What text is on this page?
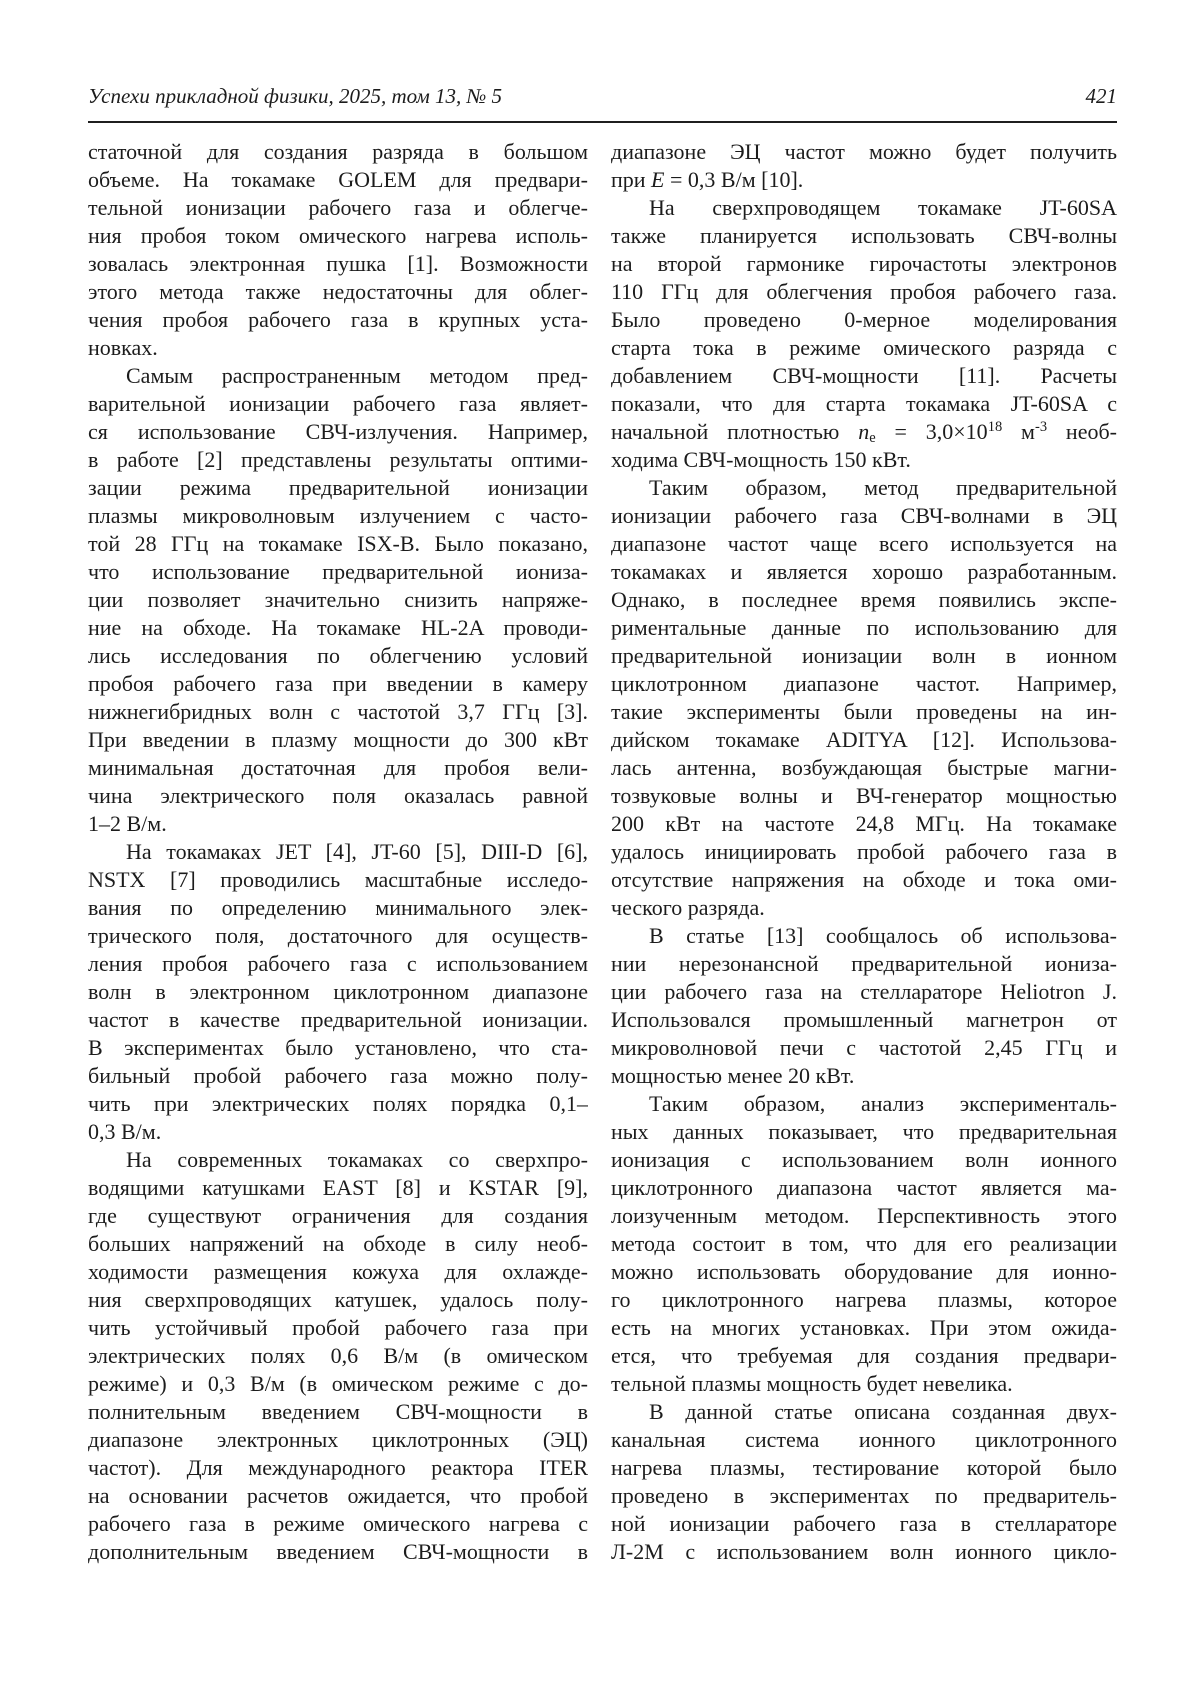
Успехи прикладной физики, 2025, том 13, № 5	421
статочной для создания разряда в большом
объеме. На токамаке GOLEM для предвари-
тельной ионизации рабочего газа и облегче-
ния пробоя током омического нагрева исполь-
зовалась электронная пушка [1]. Возможности
этого метода также недостаточны для облег-
чения пробоя рабочего газа в крупных уста-
новках.
Самым распространенным методом пред-
варительной ионизации рабочего газа являет-
ся использование СВЧ-излучения. Например,
в работе [2] представлены результаты оптими-
зации режима предварительной ионизации
плазмы микроволновым излучением с часто-
той 28 ГГц на токамаке ISX-B. Было показано,
что использование предварительной иониза-
ции позволяет значительно снизить напряже-
ние на обходе. На токамаке HL-2A проводи-
лись исследования по облегчению условий
пробоя рабочего газа при введении в камеру
нижнегибридных волн с частотой 3,7 ГГц [3].
При введении в плазму мощности до 300 кВт
минимальная достаточная для пробоя вели-
чина электрического поля оказалась равной
1–2 В/м.
На токамаках JET [4], JT-60 [5], DIII-D [6],
NSTX [7] проводились масштабные исследо-
вания по определению минимального элек-
трического поля, достаточного для осуществ-
ления пробоя рабочего газа с использованием
волн в электронном циклотронном диапазоне
частот в качестве предварительной ионизации.
В экспериментах было установлено, что ста-
бильный пробой рабочего газа можно полу-
чить при электрических полях порядка 0,1–
0,3 В/м.
На современных токамаках со сверхпро-
водящими катушками EAST [8] и KSTAR [9],
где существуют ограничения для создания
больших напряжений на обходе в силу необ-
ходимости размещения кожуха для охлажде-
ния сверхпроводящих катушек, удалось полу-
чить устойчивый пробой рабочего газа при
электрических полях 0,6 В/м (в омическом
режиме) и 0,3 В/м (в омическом режиме с до-
полнительным введением СВЧ-мощности в
диапазоне электронных циклотронных (ЭЦ)
частот). Для международного реактора ITER
на основании расчетов ожидается, что пробой
рабочего газа в режиме омического нагрева с
дополнительным введением СВЧ-мощности в
диапазоне ЭЦ частот можно будет получить
при E = 0,3 В/м [10].
На сверхпроводящем токамаке JT-60SA
также планируется использовать СВЧ-волны
на второй гармонике гирочастоты электронов
110 ГГц для облегчения пробоя рабочего газа.
Было проведено 0-мерное моделирования
старта тока в режиме омического разряда с
добавлением СВЧ-мощности [11]. Расчеты
показали, что для старта токамака JT-60SA с
начальной плотностью ne = $3,0\times 10^{18}$ $м^{-3}$ необ-
ходима СВЧ-мощность 150 кВт.
Таким образом, метод предварительной
ионизации рабочего газа СВЧ-волнами в ЭЦ
диапазоне частот чаще всего используется на
токамаках и является хорошо разработанным.
Однако, в последнее время появились экспе-
риментальные данные по использованию для
предварительной ионизации волн в ионном
циклотронном диапазоне частот. Например,
такие эксперименты были проведены на ин-
дийском токамаке ADITYA [12]. Использова-
лась антенна, возбуждающая быстрые магни-
тозвуковые волны и ВЧ-генератор мощностью
200 кВт на частоте 24,8 МГц. На токамаке
удалось инициировать пробой рабочего газа в
отсутствие напряжения на обходе и тока оми-
ческого разряда.
В статье [13] сообщалось об использова-
нии нерезонансной предварительной иониза-
ции рабочего газа на стеллараторе Heliotron J.
Использовался промышленный магнетрон от
микроволновой печи с частотой 2,45 ГГц и
мощностью менее 20 кВт.
Таким образом, анализ эксперименталь-
ных данных показывает, что предварительная
ионизация с использованием волн ионного
циклотронного диапазона частот является ма-
лоизученным методом. Перспективность этого
метода состоит в том, что для его реализации
можно использовать оборудование для ионно-
го циклотронного нагрева плазмы, которое
есть на многих установках. При этом ожида-
ется, что требуемая для создания предвари-
тельной плазмы мощность будет невелика.
В данной статье описана созданная двух-
канальная система ионного циклотронного
нагрева плазмы, тестирование которой было
проведено в экспериментах по предваритель-
ной ионизации рабочего газа в стеллараторе
Л-2М с использованием волн ионного цикло-
